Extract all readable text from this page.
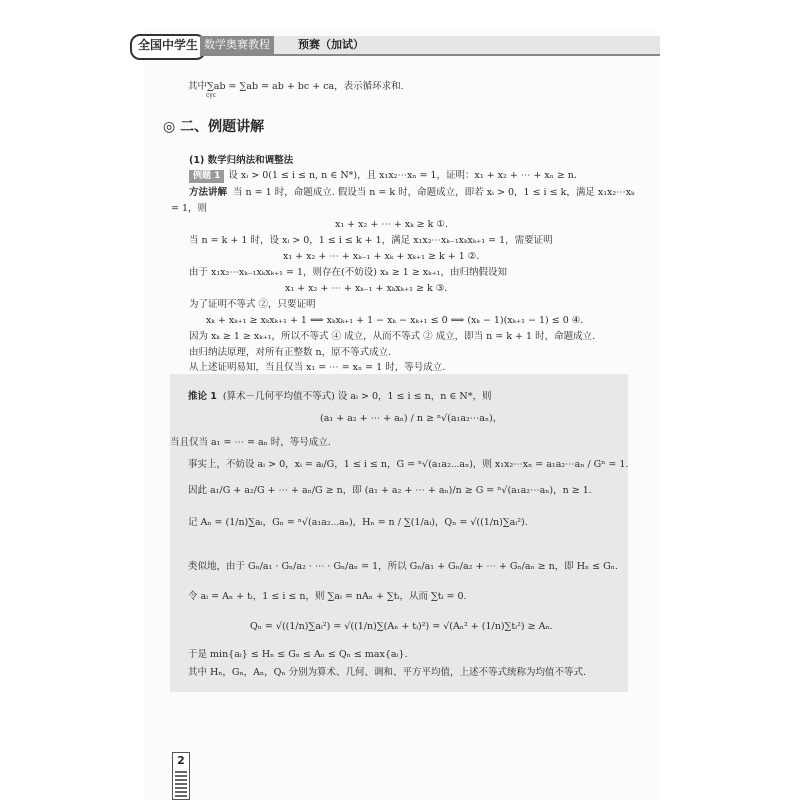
全国中学生 数学奥赛教程	预赛（加试）
其中∑ab = ∑ab = ab + bc + ca，表示循环求和.
cyc
◎ 二、例题讲解
(1) 数学归纳法和调整法
例题 1 设 xᵢ > 0(1 ≤ i ≤ n, n ∈ N*)，且 x₁x₂⋯xₙ = 1，证明：x₁ + x₂ + ⋯ + xₙ ≥ n.
方法讲解 当 n = 1 时，命题成立. 假设当 n = k 时，命题成立，即若 xᵢ > 0，1 ≤ i ≤ k，满足 x₁x₂⋯xₖ
= 1，则
x₁ + x₂ + ⋯ + xₖ ≥ k ①.
当 n = k + 1 时，设 xᵢ > 0，1 ≤ i ≤ k + 1，满足 x₁x₂⋯xₖ₋₁xₖxₖ₊₁ = 1，需要证明
x₁ + x₂ + ⋯ + xₖ₋₁ + xₖ + xₖ₊₁ ≥ k + 1 ②.
由于 x₁x₂⋯xₖ₋₁xₖxₖ₊₁ = 1，则存在(不妨设) xₖ ≥ 1 ≥ xₖ₊₁，由归纳假设知
x₁ + x₂ + ⋯ + xₖ₋₁ + xₖxₖ₊₁ ≥ k ③.
为了证明不等式 ②，只要证明
xₖ + xₖ₊₁ ≥ xₖxₖ₊₁ + 1 ⟺ xₖxₖ₊₁ + 1 − xₖ − xₖ₊₁ ≤ 0 ⟺ (xₖ − 1)(xₖ₊₁ − 1) ≤ 0 ④.
因为 xₖ ≥ 1 ≥ xₖ₊₁，所以不等式 ④ 成立，从而不等式 ② 成立，即当 n = k + 1 时，命题成立.
由归纳法原理，对所有正整数 n，原不等式成立.
从上述证明易知，当且仅当 x₁ = ⋯ = xₙ = 1 时，等号成立.
推论 1 (算术－几何平均值不等式) 设 aᵢ > 0，1 ≤ i ≤ n，n ∈ N*，则
(a₁ + a₂ + ⋯ + aₙ) / n ≥ ⁿ√(a₁a₂⋯aₙ)，
当且仅当 a₁ = ⋯ = aₙ 时，等号成立.
事实上，不妨设 aᵢ > 0，xᵢ = aᵢ/G，1 ≤ i ≤ n，G = ⁿ√(a₁a₂⋯aₙ)，则 x₁x₂⋯xₙ = a₁a₂⋯aₙ / Gⁿ = 1.
因此 a₁/G + a₂/G + ⋯ + aₙ/G ≥ n，即 (a₁ + a₂ + ⋯ + aₙ)/n ≥ G = ⁿ√(a₁a₂⋯aₙ)，n ≥ 1.
记 Aₙ = (1/n)∑aᵢ，Gₙ = ⁿ√(a₁a₂⋯aₙ)，Hₙ = n / ∑(1/aᵢ)，Qₙ = √((1/n)∑aᵢ²).
类似地，由于 Gₙ/a₁ · Gₙ/a₂ · ⋯ · Gₙ/aₙ = 1，所以 Gₙ/a₁ + Gₙ/a₂ + ⋯ + Gₙ/aₙ ≥ n，即 Hₙ ≤ Gₙ.
令 aᵢ = Aₙ + tᵢ，1 ≤ i ≤ n，则 ∑aᵢ = nAₙ + ∑tᵢ，从而 ∑tᵢ = 0.
Qₙ = √((1/n)∑aᵢ²) = √((1/n)∑(Aₙ + tᵢ)²) = √(Aₙ² + (1/n)∑tᵢ²) ≥ Aₙ.
于是 min{aᵢ} ≤ Hₙ ≤ Gₙ ≤ Aₙ ≤ Qₙ ≤ max{aᵢ}.
其中 Hₙ，Gₙ，Aₙ，Qₙ 分别为算术、几何、调和、平方平均值，上述不等式统称为均值不等式.
2
